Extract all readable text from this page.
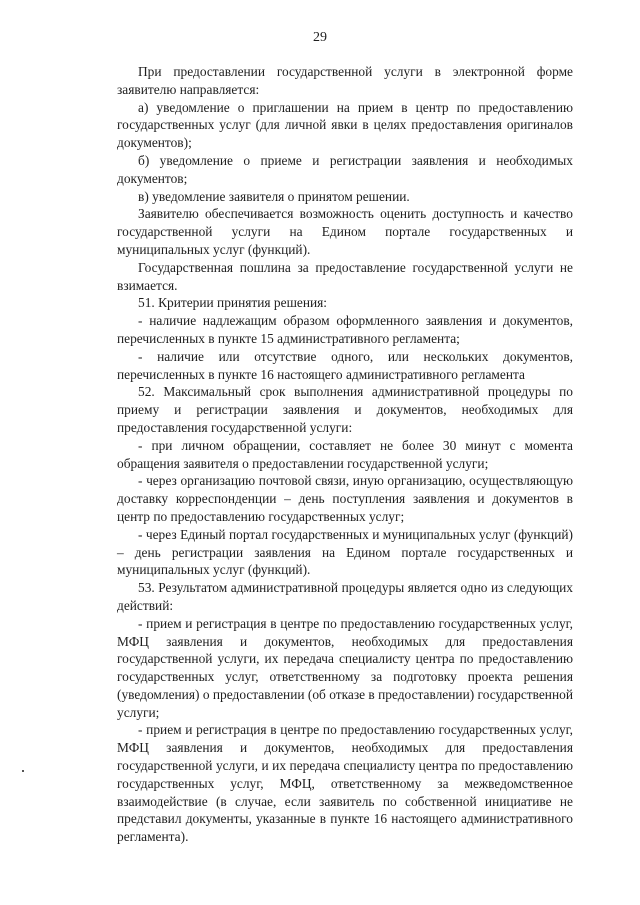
29

При предоставлении государственной услуги в электронной форме заявителю направляется:

а) уведомление о приглашении на прием в центр по предоставлению государственных услуг (для личной явки в целях предоставления оригиналов документов);

б) уведомление о приеме и регистрации заявления и необходимых документов;

в) уведомление заявителя о принятом решении.

Заявителю обеспечивается возможность оценить доступность и качество государственной услуги на Едином портале государственных и муниципальных услуг (функций).

Государственная пошлина за предоставление государственной услуги не взимается.

51. Критерии принятия решения:

- наличие надлежащим образом оформленного заявления и документов, перечисленных в пункте 15 административного регламента;

- наличие или отсутствие одного, или нескольких документов, перечисленных в пункте 16 настоящего административного регламента

52. Максимальный срок выполнения административной процедуры по приему и регистрации заявления и документов, необходимых для предоставления государственной услуги:

- при личном обращении, составляет не более 30 минут с момента обращения заявителя о предоставлении государственной услуги;

- через организацию почтовой связи, иную организацию, осуществляющую доставку корреспонденции – день поступления заявления и документов в центр по предоставлению государственных услуг;

- через Единый портал государственных и муниципальных услуг (функций) – день регистрации заявления на Едином портале государственных и муниципальных услуг (функций).

53. Результатом административной процедуры является одно из следующих действий:

- прием и регистрация в центре по предоставлению государственных услуг, МФЦ заявления и документов, необходимых для предоставления государственной услуги, их передача специалисту центра по предоставлению государственных услуг, ответственному за подготовку проекта решения (уведомления) о предоставлении (об отказе в предоставлении) государственной услуги;

- прием и регистрация в центре по предоставлению государственных услуг, МФЦ заявления и документов, необходимых для предоставления государственной услуги, и их передача специалисту центра по предоставлению государственных услуг, МФЦ, ответственному за межведомственное взаимодействие (в случае, если заявитель по собственной инициативе не представил документы, указанные в пункте 16 настоящего административного регламента).
